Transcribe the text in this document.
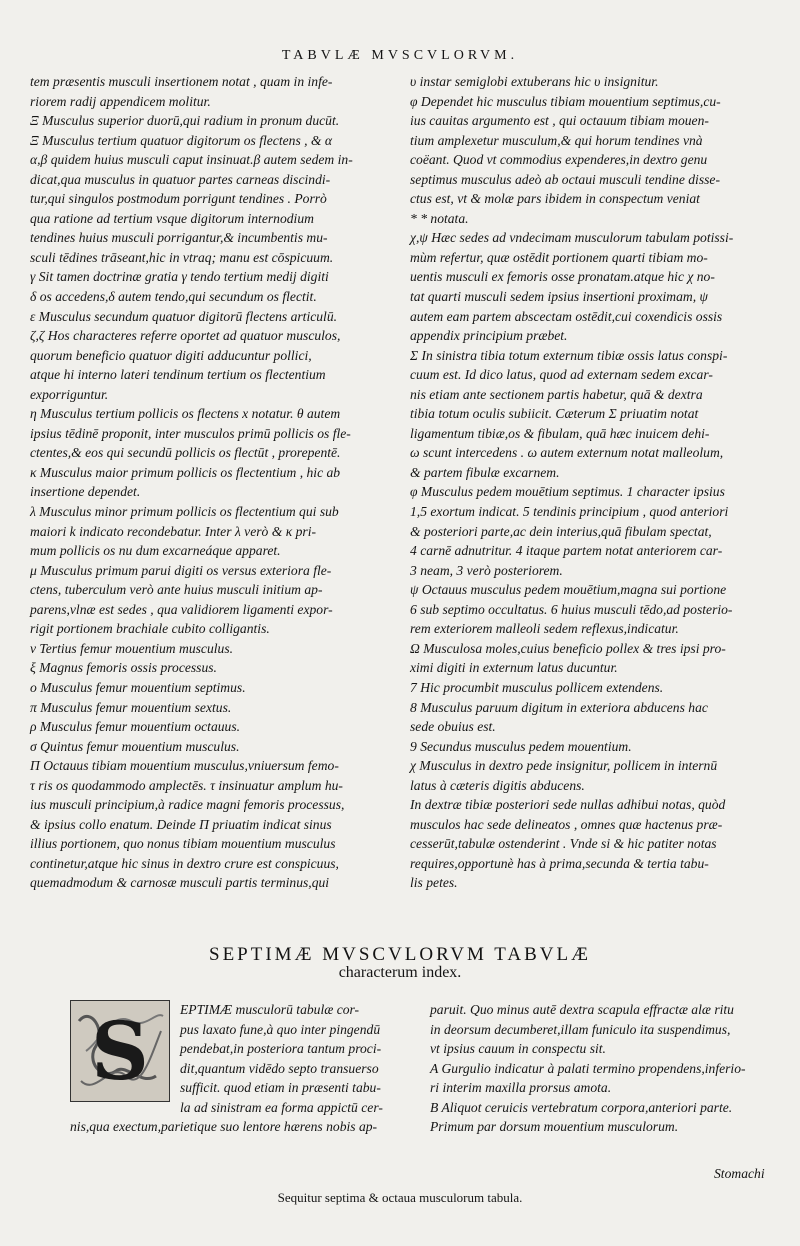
TABVLÆ MVSCVLORVM.
tem præsentis musculi insertionem notat , quam in infe-
riorem radij appendicem molitur.
Ξ Musculus superior duorū,qui radium in pronum ducūt.
Ξ Musculus tertium quatuor digitorum os flectens , & α
α,β quidem huius musculi caput insinuat.β autem sedem in-
dicat,qua musculus in quatuor partes carneas discindi-
tur,qui singulos postmodum porrigunt tendines . Porrò
qua ratione ad tertium vsque digitorum internodium
tendines huius musculi porrigantur,& incumbentis mu-
sculi tēdines trāseant,hic in vtraq; manu est cōspicuum.
γ Sit tamen doctrinæ gratia γ tendo tertium medij digiti
δ os accedens,δ autem tendo,qui secundum os flectit.
ε Musculus secundum quatuor digitorū flectens articulū.
ζ,ζ Hos characteres referre oportet ad quatuor musculos,
quorum beneficio quatuor digiti adducuntur pollici,
atque hi interno lateri tendinum tertium os flectentium
exporriguntur.
η Musculus tertium pollicis os flectens x notatur. θ autem
ipsius tēdinē proponit, inter musculos primū pollicis os fle-
ctentes,& eos qui secundū pollicis os flectūt , prorepentē.
κ Musculus maior primum pollicis os flectentium , hic ab
insertione dependet.
λ Musculus minor primum pollicis os flectentium qui sub
maiori k indicato recondebatur. Inter λ verò & κ pri-
mum pollicis os nu dum excarneáque apparet.
μ Musculus primum parui digiti os versus exteriora fle-
ctens, tuberculum verò ante huius musculi initium ap-
parens,vlnæ est sedes , qua validiorem ligamenti expor-
rigit portionem brachiale cubito colligantis.
ν Tertius femur mouentium musculus.
ξ Magnus femoris ossis processus.
ο Musculus femur mouentium septimus.
π Musculus femur mouentium sextus.
ρ Musculus femur mouentium octauus.
σ Quintus femur mouentium musculus.
Π Octauus tibiam mouentium musculus,vniuersum femo-
τ ris os quodammodo amplectēs. τ insinuatur amplum hu-
ius musculi principium,à radice magni femoris processus,
& ipsius collo enatum. Deinde Π priuatim indicat sinus
illius portionem, quo nonus tibiam mouentium musculus
continetur,atque hic sinus in dextro crure est conspicuus,
quemadmodum & carnosæ musculi partis terminus,qui
υ instar semiglobi extuberans hic υ insignitur.
φ Dependet hic musculus tibiam mouentium septimus,cu-
ius cauitas argumento est , qui octauum tibiam mouen-
tium amplexetur musculum,& qui horum tendines vnà
coëant. Quod vt commodius expenderes,in dextro genu
septimus musculus adeò ab octaui musculi tendine disse-
ctus est, vt & molæ pars ibidem in conspectum veniat
* * notata.
χ,ψ Hæc sedes ad vndecimam musculorum tabulam potissi-
mùm refertur, quæ ostēdit portionem quarti tibiam mo-
uentis musculi ex femoris osse pronatam.atque hic χ no-
tat quarti musculi sedem ipsius insertioni proximam, ψ
autem eam partem abscectam ostēdit,cui coxendicis ossis
appendix principium præbet.
Σ In sinistra tibia totum externum tibiæ ossis latus conspi-
cuum est. Id dico latus, quod ad externam sedem excar-
nis etiam ante sectionem partis habetur, quā & dextra
tibia totum oculis subiicit. Cæterum Σ priuatim notat
ligamentum tibiæ,os & fibulam, quā hæc inuicem dehi-
ω scunt intercedens . ω autem externum notat malleolum,
& partem fibulæ excarnem.
φ Musculus pedem mouētium septimus. 1 character ipsius
1,5 exortum indicat. 5 tendinis principium , quod anteriori
& posteriori parte,ac dein interius,quā fibulam spectat,
4 carnē adnutritur. 4 itaque partem notat anteriorem car-
3 neam, 3 verò posteriorem.
ψ Octauus musculus pedem mouētium,magna sui portione
6 sub septimo occultatus. 6 huius musculi tēdo,ad posterio-
rem exteriorem malleoli sedem reflexus,indicatur.
Ω Musculosa moles,cuius beneficio pollex & tres ipsi pro-
ximi digiti in externum latus ducuntur.
7 Hic procumbit musculus pollicem extendens.
8 Musculus paruum digitum in exteriora abducens hac
sede obuius est.
9 Secundus musculus pedem mouentium.
χ Musculus in dextro pede insignitur, pollicem in internū
latus à cæteris digitis abducens.
In dextræ tibiæ posteriori sede nullas adhibui notas, quòd
musculos hac sede delineatos , omnes quæ hactenus præ-
cesserūt,tabulæ ostenderint . Vnde si & hic patiter notas
requires,opportunè has à prima,secunda & tertia tabu-
lis petes.
SEPTIMÆ MVSCVLORVM TABVLÆ
characterum index.
S EPTIMÆ musculorū tabulæ cor-
pus laxato fune,à quo inter pingendū
pendebat,in posteriora tantum proci-
dit,quantum vidēdo septo transuerso
sufficit. quod etiam in præsenti tabu-
la ad sinistram ea forma appictū cer-
nis,qua exectum,parietique suo lentore hærens nobis ap-
paruit. Quo minus autē dextra scapula effractæ alæ ritu
in deorsum decumberet,illam funiculo ita suspendimus,
vt ipsius cauum in conspectu sit.
A Gurgulio indicatur à palati termino propendens,inferio-
ri interim maxilla prorsus amota.
B Aliquot ceruicis vertebratum corpora,anteriori parte.
Primum par dorsum mouentium musculorum.
Stomachi
Sequitur septima & octaua musculorum tabula.
